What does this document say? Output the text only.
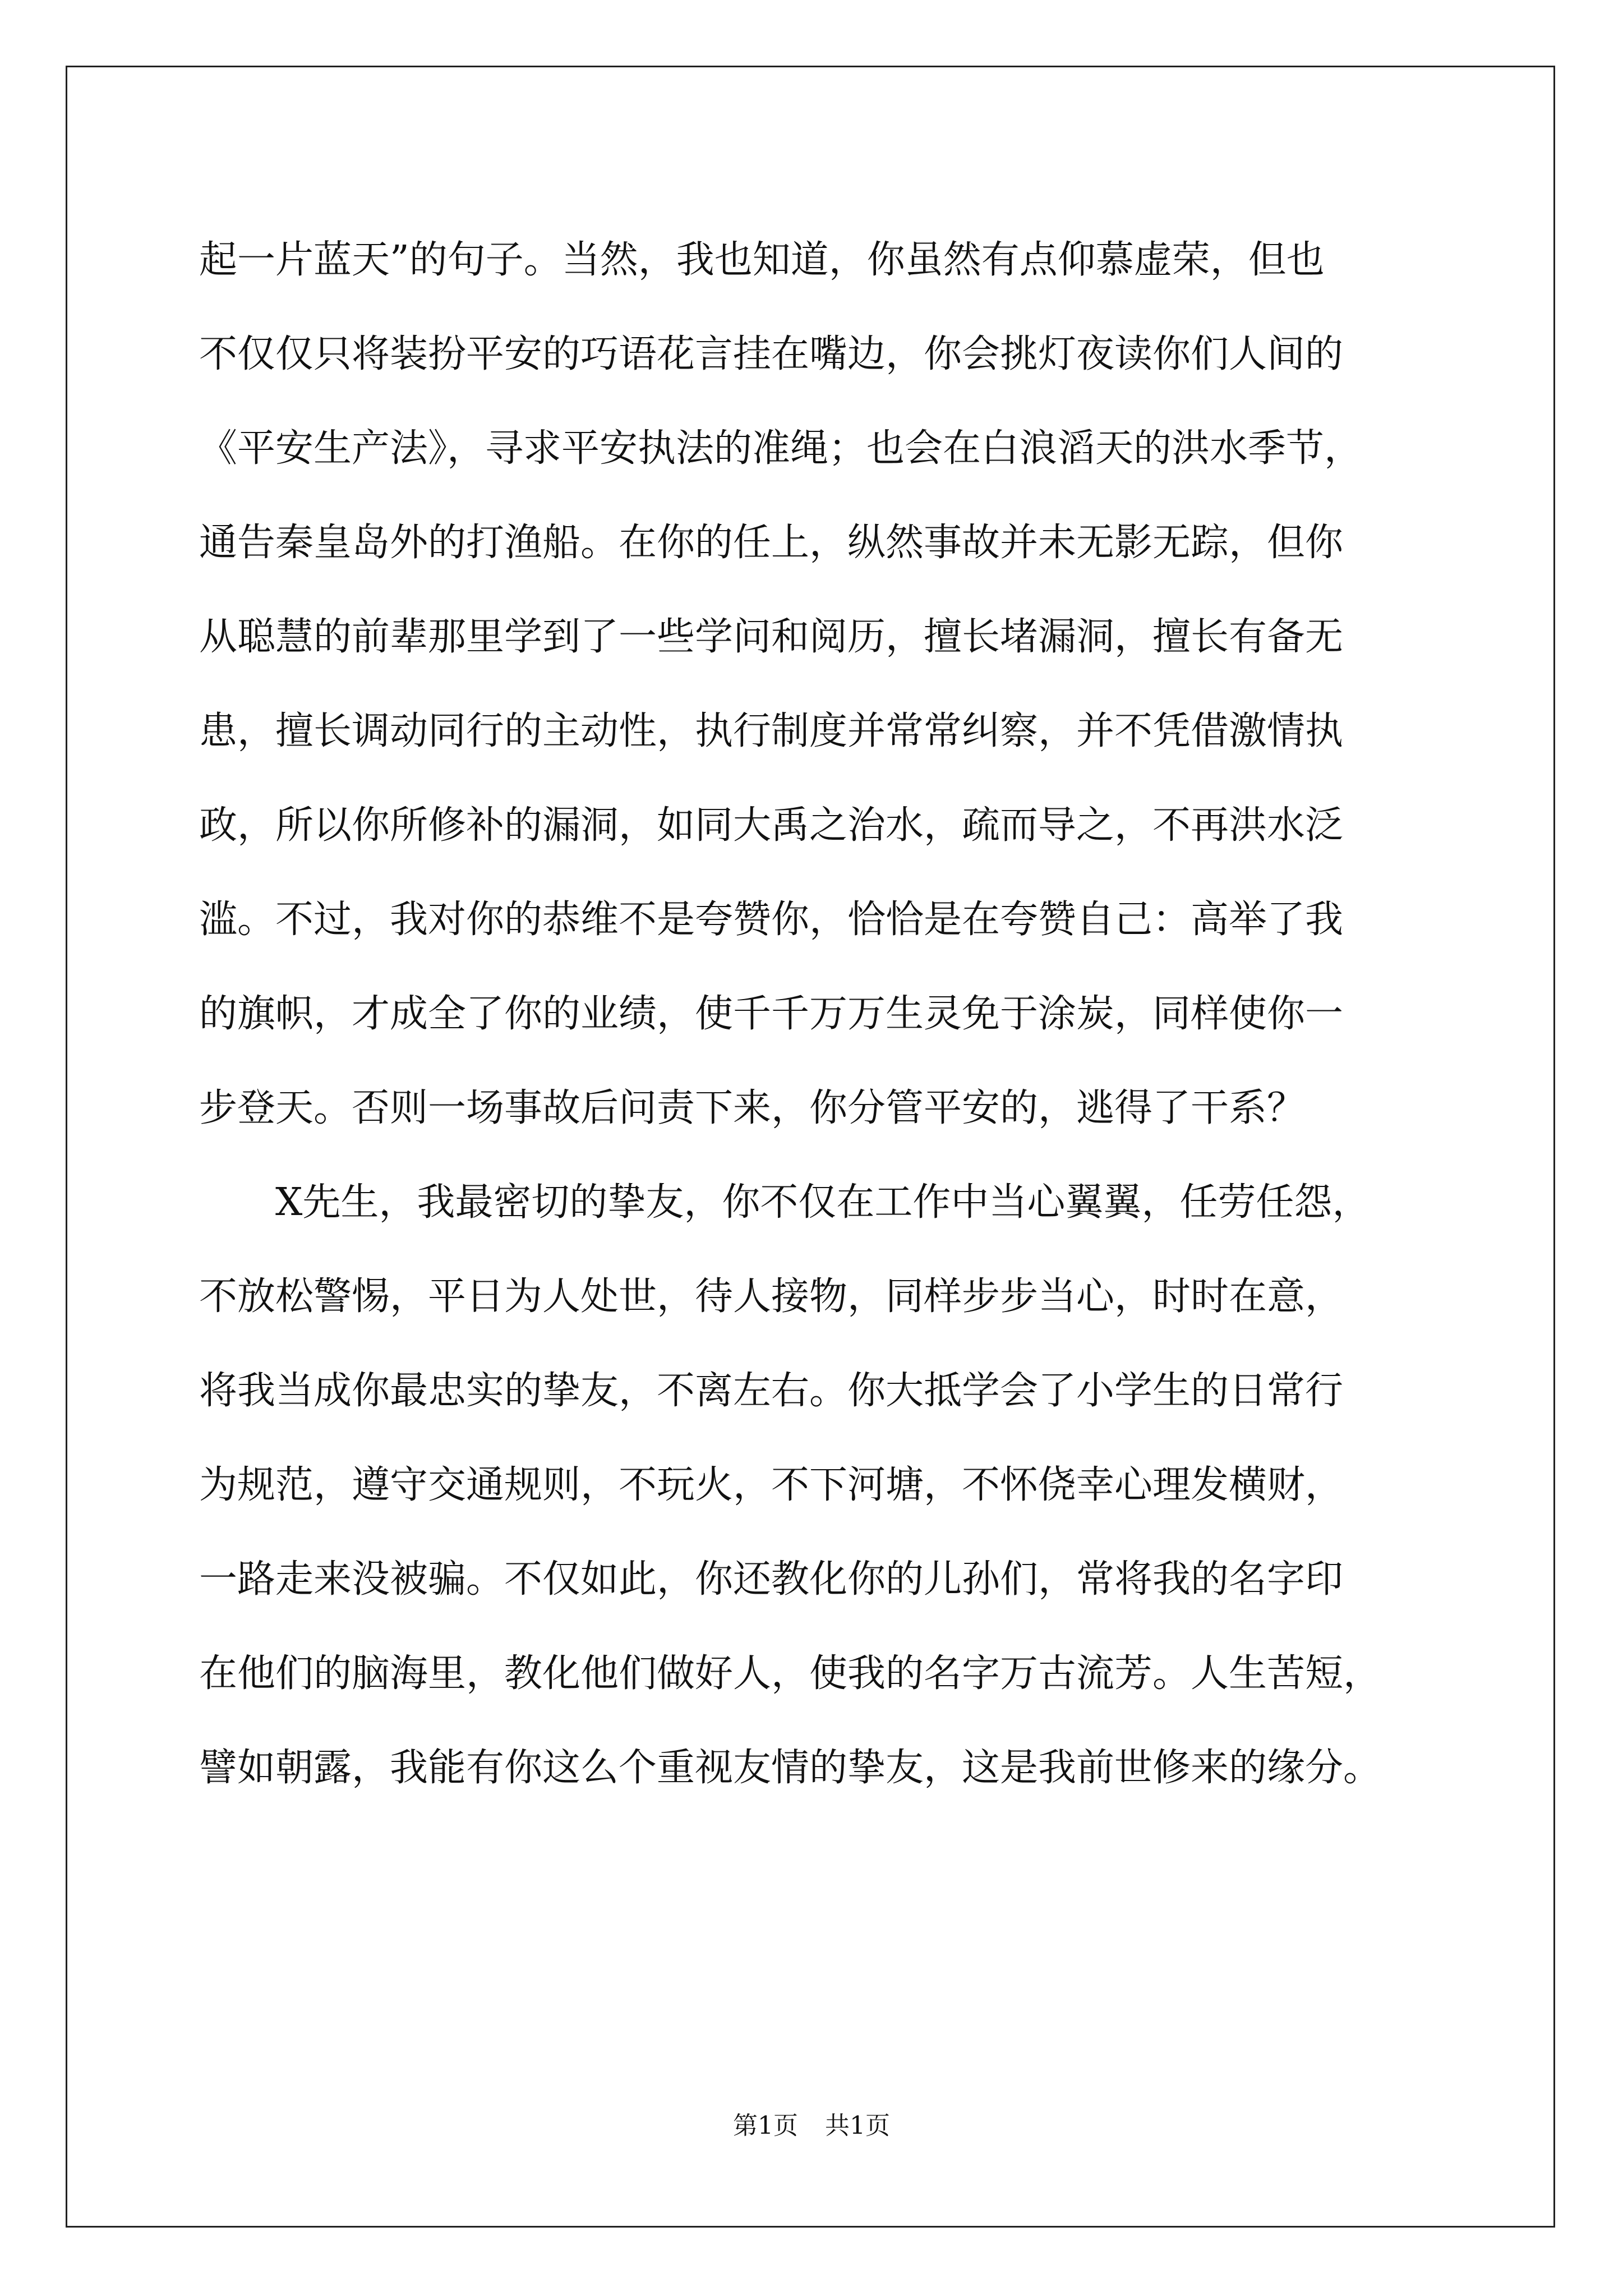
起一片蓝天”的句子。当然，我也知道，你虽然有点仰慕虚荣，但也
不仅仅只将装扮平安的巧语花言挂在嘴边，你会挑灯夜读你们人间的
《平安生产法》，寻求平安执法的准绳；也会在白浪滔天的洪水季节，
通告秦皇岛外的打渔船。在你的任上，纵然事故并未无影无踪，但你
从聪慧的前辈那里学到了一些学问和阅历，擅长堵漏洞，擅长有备无
患，擅长调动同行的主动性，执行制度并常常纠察，并不凭借激情执
政，所以你所修补的漏洞，如同大禹之治水，疏而导之，不再洪水泛
滥。不过，我对你的恭维不是夸赞你，恰恰是在夸赞自己：高举了我
的旗帜，才成全了你的业绩，使千千万万生灵免于涂炭，同样使你一
步登天。否则一场事故后问责下来，你分管平安的，逃得了干系？
　　X先生，我最密切的挚友，你不仅在工作中当心翼翼，任劳任怨，
不放松警惕，平日为人处世，待人接物，同样步步当心，时时在意，
将我当成你最忠实的挚友，不离左右。你大抵学会了小学生的日常行
为规范，遵守交通规则，不玩火，不下河塘，不怀侥幸心理发横财，
一路走来没被骗。不仅如此，你还教化你的儿孙们，常将我的名字印
在他们的脑海里，教化他们做好人，使我的名字万古流芳。人生苦短，
譬如朝露，我能有你这么个重视友情的挚友，这是我前世修来的缘分。
第1页 共1页
